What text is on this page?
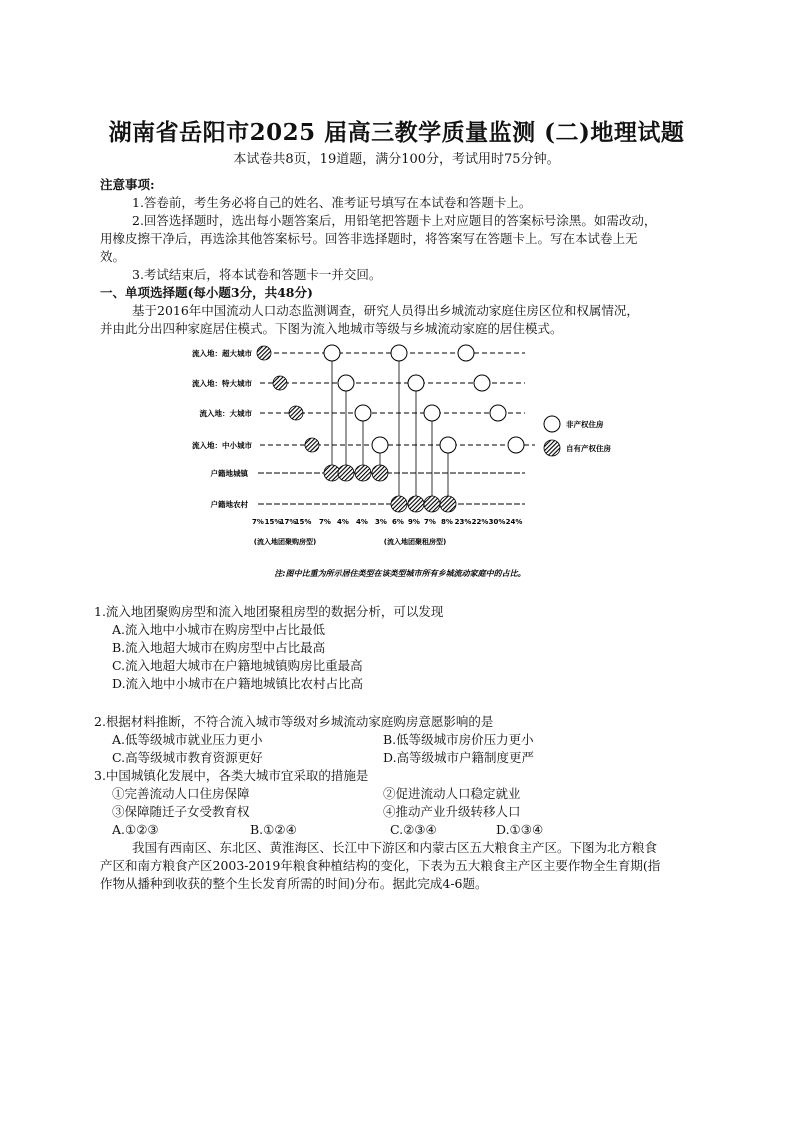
湖南省岳阳市2025 届高三教学质量监测 (二)地理试题
本试卷共8页，19道题，满分100分，考试用时75分钟。
注意事项:
1.答卷前，考生务必将自己的姓名、准考证号填写在本试卷和答题卡上。
2.回答选择题时，选出每小题答案后，用铅笔把答题卡上对应题目的答案标号涂黑。如需改动，
用橡皮擦干净后，再选涂其他答案标号。回答非选择题时，将答案写在答题卡上。写在本试卷上无
效。
3.考试结束后，将本试卷和答题卡一并交回。
一、单项选择题(每小题3分，共48分)
基于2016年中国流动人口动态监测调查，研究人员得出乡城流动家庭住房区位和权属情况，
并由此分出四种家庭居住模式。下图为流入地城市等级与乡城流动家庭的居住模式。
流入地：超大城市
流入地：特大城市
流入地：大城市
流入地：中小城市
户籍地城镇
户籍地农村
7% 15%
17%
15% 7% 4% 4% 3% 6% 9% 7% 8% 23% 22% 30% 24%
非产权住房
自有产权住房
(流入地团聚购房型)	(流入地团聚租房型)
注:图中比重为所示居住类型在该类型城市所有乡城流动家庭中的占比。
1.流入地团聚购房型和流入地团聚租房型的数据分析，可以发现
A.流入地中小城市在购房型中占比最低
B.流入地超大城市在购房型中占比最高
C.流入地超大城市在户籍地城镇购房比重最高
D.流入地中小城市在户籍地城镇比农村占比高
2.根据材料推断，不符合流入城市等级对乡城流动家庭购房意愿影响的是
A.低等级城市就业压力更小	B.低等级城市房价压力更小
C.高等级城市教育资源更好	D.高等级城市户籍制度更严
3.中国城镇化发展中，各类大城市宜采取的措施是
①完善流动人口住房保障	②促进流动人口稳定就业
③保障随迁子女受教育权	④推动产业升级转移人口
A.①②③	B.①②④	C.②③④	D.①③④
我国有西南区、东北区、黄淮海区、长江中下游区和内蒙古区五大粮食主产区。下图为北方粮食
产区和南方粮食产区2003-2019年粮食种植结构的变化，下表为五大粮食主产区主要作物全生育期(指
作物从播种到收获的整个生长发育所需的时间)分布。据此完成4-6题。
